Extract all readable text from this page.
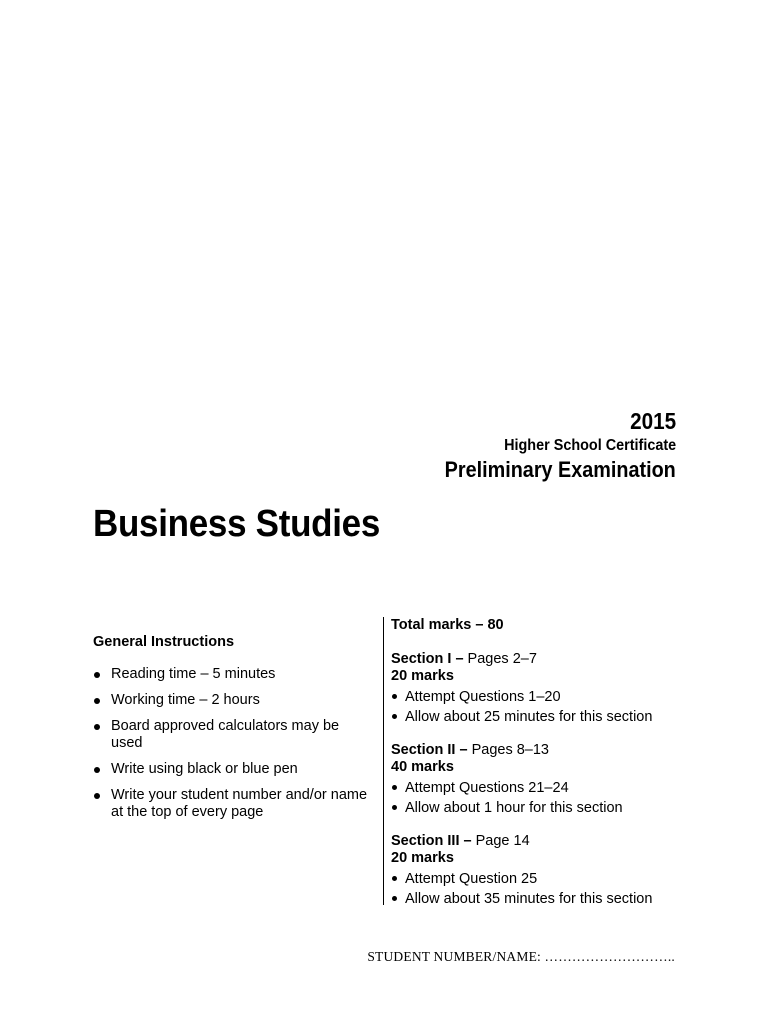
2015
Higher School Certificate
Preliminary Examination
Business Studies
General Instructions
Reading time – 5 minutes
Working time – 2 hours
Board approved calculators may be used
Write using black or blue pen
Write your student number and/or name at the top of every page
Total marks – 80
Section I – Pages 2–7
20 marks
Attempt Questions 1–20
Allow about 25 minutes for this section
Section II – Pages 8–13
40 marks
Attempt Questions 21–24
Allow about 1 hour for this section
Section III – Page 14
20 marks
Attempt Question 25
Allow about 35 minutes for this section
STUDENT NUMBER/NAME: ………………………..
